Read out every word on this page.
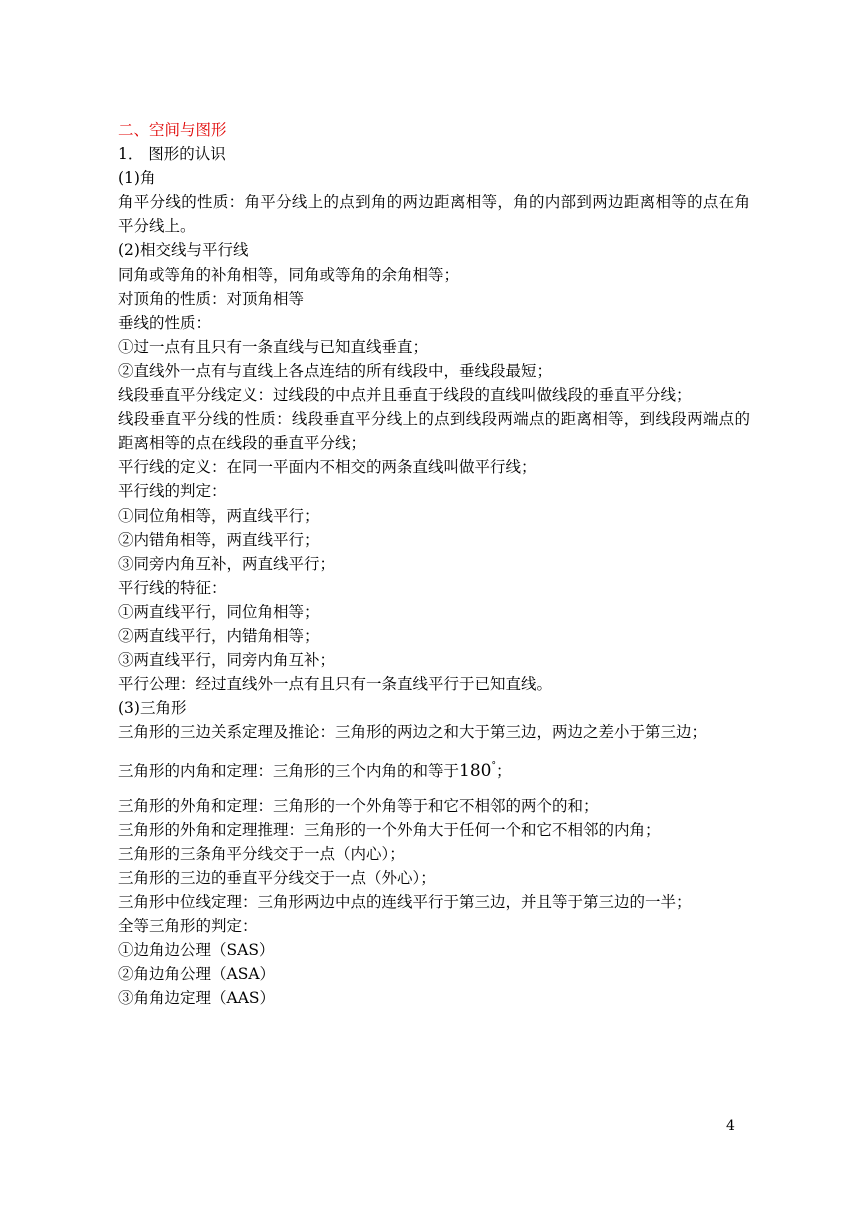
二、空间与图形

1． 图形的认识

(1)角

角平分线的性质：角平分线上的点到角的两边距离相等，角的内部到两边距离相等的点在角平分线上。

(2)相交线与平行线

同角或等角的补角相等，同角或等角的余角相等；

对顶角的性质：对顶角相等

垂线的性质：

①过一点有且只有一条直线与已知直线垂直；

②直线外一点有与直线上各点连结的所有线段中，垂线段最短；

线段垂直平分线定义：过线段的中点并且垂直于线段的直线叫做线段的垂直平分线；

线段垂直平分线的性质：线段垂直平分线上的点到线段两端点的距离相等，到线段两端点的距离相等的点在线段的垂直平分线；

平行线的定义：在同一平面内不相交的两条直线叫做平行线；

平行线的判定：

①同位角相等，两直线平行；

②内错角相等，两直线平行；

③同旁内角互补，两直线平行；

平行线的特征：

①两直线平行，同位角相等；

②两直线平行，内错角相等；

③两直线平行，同旁内角互补；

平行公理：经过直线外一点有且只有一条直线平行于已知直线。

(3)三角形

三角形的三边关系定理及推论：三角形的两边之和大于第三边，两边之差小于第三边；

三角形的内角和定理：三角形的三个内角的和等于180°；

三角形的外角和定理：三角形的一个外角等于和它不相邻的两个的和；

三角形的外角和定理推理：三角形的一个外角大于任何一个和它不相邻的内角；

三角形的三条角平分线交于一点（内心）；

三角形的三边的垂直平分线交于一点（外心）；

三角形中位线定理：三角形两边中点的连线平行于第三边，并且等于第三边的一半；

全等三角形的判定：

①边角边公理（SAS）

②角边角公理（ASA）

③角角边定理（AAS）

4
